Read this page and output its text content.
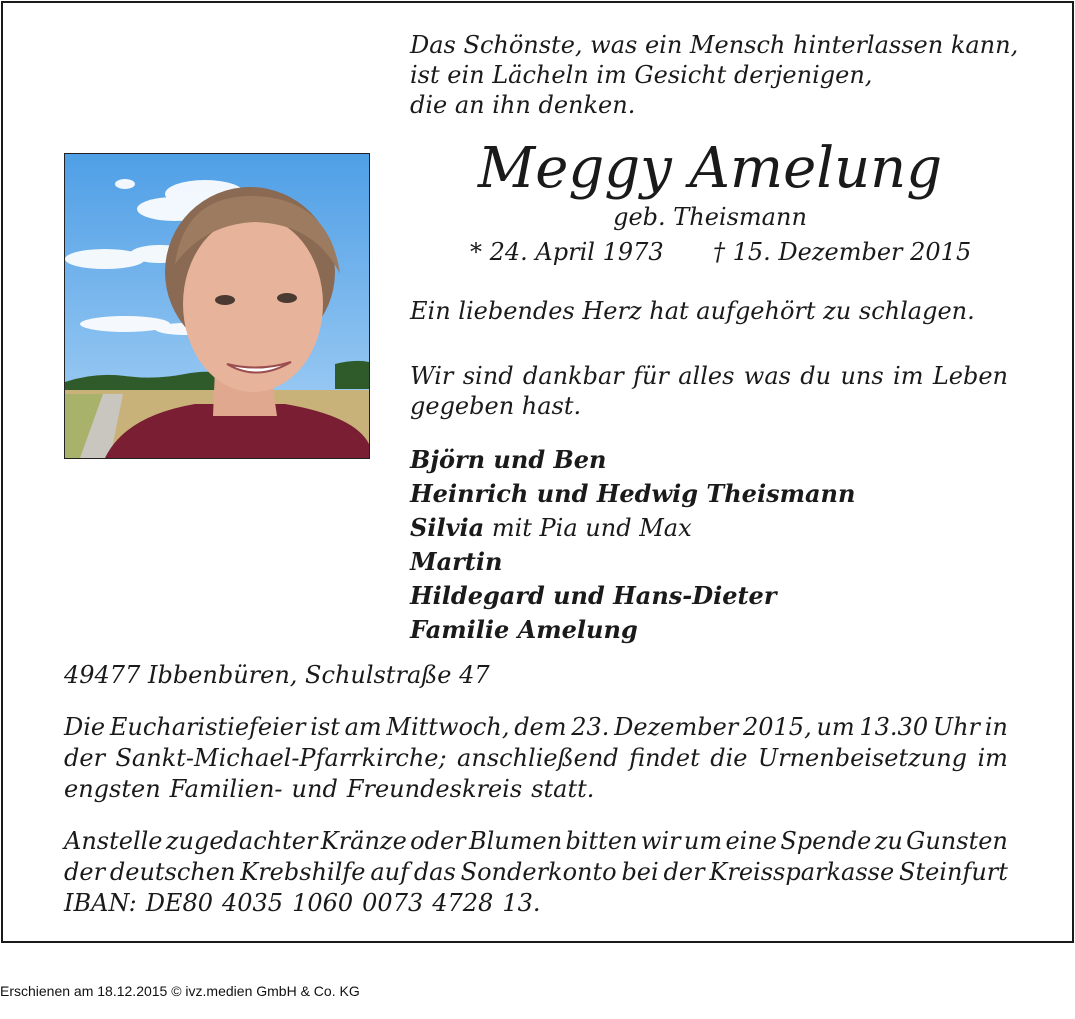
Das Schönste, was ein Mensch hinterlassen kann,
ist ein Lächeln im Gesicht derjenigen,
die an ihn denken.
Meggy Amelung
geb. Theismann
* 24. April 1973 † 15. Dezember 2015
Ein liebendes Herz hat aufgehört zu schlagen.
Wir sind dankbar für alles was du uns im Leben gegeben hast.
Björn und Ben
Heinrich und Hedwig Theismann
Silvia mit Pia und Max
Martin
Hildegard und Hans-Dieter
Familie Amelung
49477 Ibbenbüren, Schulstraße 47
Die Eucharistiefeier ist am Mittwoch, dem 23. Dezember 2015, um 13.30 Uhr in
der Sankt-Michael-Pfarrkirche; anschließend findet die Urnenbeisetzung im
engsten Familien- und Freundeskreis statt.
Anstelle zugedachter Kränze oder Blumen bitten wir um eine Spende zu Gunsten
der deutschen Krebshilfe auf das Sonderkonto bei der Kreissparkasse Steinfurt
IBAN: DE80 4035 1060 0073 4728 13.
Erschienen am 18.12.2015 © ivz.medien GmbH & Co. KG
